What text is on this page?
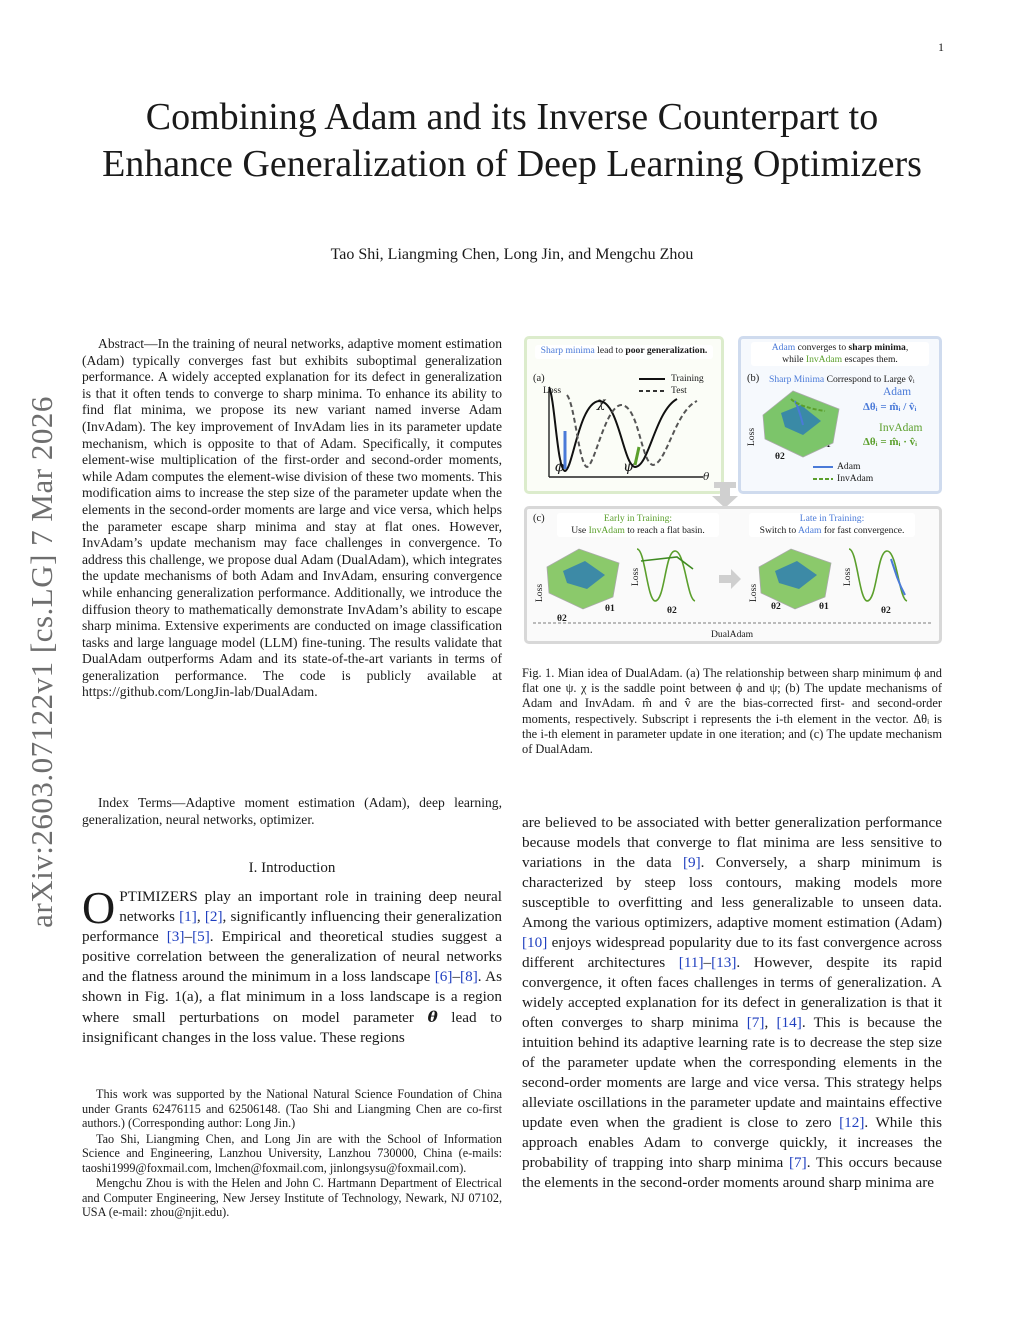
1
arXiv:2603.07122v1 [cs.LG] 7 Mar 2026
Combining Adam and its Inverse Counterpart to Enhance Generalization of Deep Learning Optimizers
Tao Shi, Liangming Chen, Long Jin, and Mengchu Zhou

Abstract—In the training of neural networks, adaptive moment estimation (Adam) typically converges fast but exhibits suboptimal generalization performance. A widely accepted explanation for its defect in generalization is that it often tends to converge to sharp minima. To enhance its ability to find flat minima, we propose its new variant named inverse Adam (InvAdam). The key improvement of InvAdam lies in its parameter update mechanism, which is opposite to that of Adam. Specifically, it computes element-wise multiplication of the first-order and second-order moments, while Adam computes the element-wise division of these two moments. This modification aims to increase the step size of the parameter update when the elements in the second-order moments are large and vice versa, which helps the parameter escape sharp minima and stay at flat ones. However, InvAdam’s update mechanism may face challenges in convergence. To address this challenge, we propose dual Adam (DualAdam), which integrates the update mechanisms of both Adam and InvAdam, ensuring convergence while enhancing generalization performance. Additionally, we introduce the diffusion theory to mathematically demonstrate InvAdam’s ability to escape sharp minima. Extensive experiments are conducted on image classification tasks and large language model (LLM) fine-tuning. The results validate that DualAdam outperforms Adam and its state-of-the-art variants in terms of generalization performance. The code is publicly available at https://github.com/LongJin-lab/DualAdam.

Index Terms—Adaptive moment estimation (Adam), deep learning, generalization, neural networks, optimizer.

I. Introduction

OPTIMIZERS play an important role in training deep neural networks [1], [2], significantly influencing their generalization performance [3]–[5]. Empirical and theoretical studies suggest a positive correlation between the generalization of neural networks and the flatness around the minimum in a loss landscape [6]–[8]. As shown in Fig. 1(a), a flat minimum in a loss landscape is a region where small perturbations on model parameter θ lead to insignificant changes in the loss value. These regions

This work was supported by the National Natural Science Foundation of China under Grants 62476115 and 62506148. (Tao Shi and Liangming Chen are co-first authors.) (Corresponding author: Long Jin.)

Tao Shi, Liangming Chen, and Long Jin are with the School of Information Science and Engineering, Lanzhou University, Lanzhou 730000, China (e-mails: taoshi1999@foxmail.com, lmchen@foxmail.com, jinlongsysu@foxmail.com).

Mengchu Zhou is with the Helen and John C. Hartmann Department of Electrical and Computer Engineering, New Jersey Institute of Technology, Newark, NJ 07102, USA (e-mail: zhou@njit.edu).

are believed to be associated with better generalization performance because models that converge to flat minima are less sensitive to variations in the data [9]. Conversely, a sharp minimum is characterized by steep loss contours, making models more susceptible to overfitting and less generalizable to unseen data. Among the various optimizers, adaptive moment estimation (Adam) [10] enjoys widespread popularity due to its fast convergence across different architectures [11]–[13]. However, despite its rapid convergence, it often faces challenges in terms of generalization. A widely accepted explanation for its defect in generalization is that it often converges to sharp minima [7], [14]. This is because the intuition behind its adaptive learning rate is to decrease the step size of the parameter update when the corresponding elements in the second-order moments are large and vice versa. This strategy helps alleviate oscillations in the parameter update and maintains effective update even when the gradient is close to zero [12]. While this approach enables Adam to converge quickly, it increases the probability of trapping into sharp minima [7]. This occurs because the elements in the second-order moments around sharp minima are

Sharp minima lead to poor generalization.
(a)
Loss
θ
Training
Test
ϕ
χ
ψ
Adam converges to sharp minima,
while InvAdam escapes them.
(b) Sharp Minima Correspond to Large v̂ᵢ
Adam
Δθᵢ = m̂ᵢ / v̂ᵢ
InvAdam
Δθᵢ = m̂ᵢ · v̂ᵢ
Loss
θ2
Adam
InvAdam
(c)	Early in Training:
Use InvAdam to reach a flat basin.
Late in Training:
Switch to Adam for fast convergence.
Loss
Loss
Loss
Loss
θ2
θ1	θ2	θ2	θ1	θ2
DualAdam

Fig. 1. Mian idea of DualAdam. (a) The relationship between sharp minimum ϕ and flat one ψ. χ is the saddle point between ϕ and ψ; (b) The update mechanisms of Adam and InvAdam. m̂ and v̂ are the bias-corrected first- and second-order moments, respectively. Subscript i represents the i-th element in the vector. Δθᵢ is the i-th element in parameter update in one iteration; and (c) The update mechanism of DualAdam.
